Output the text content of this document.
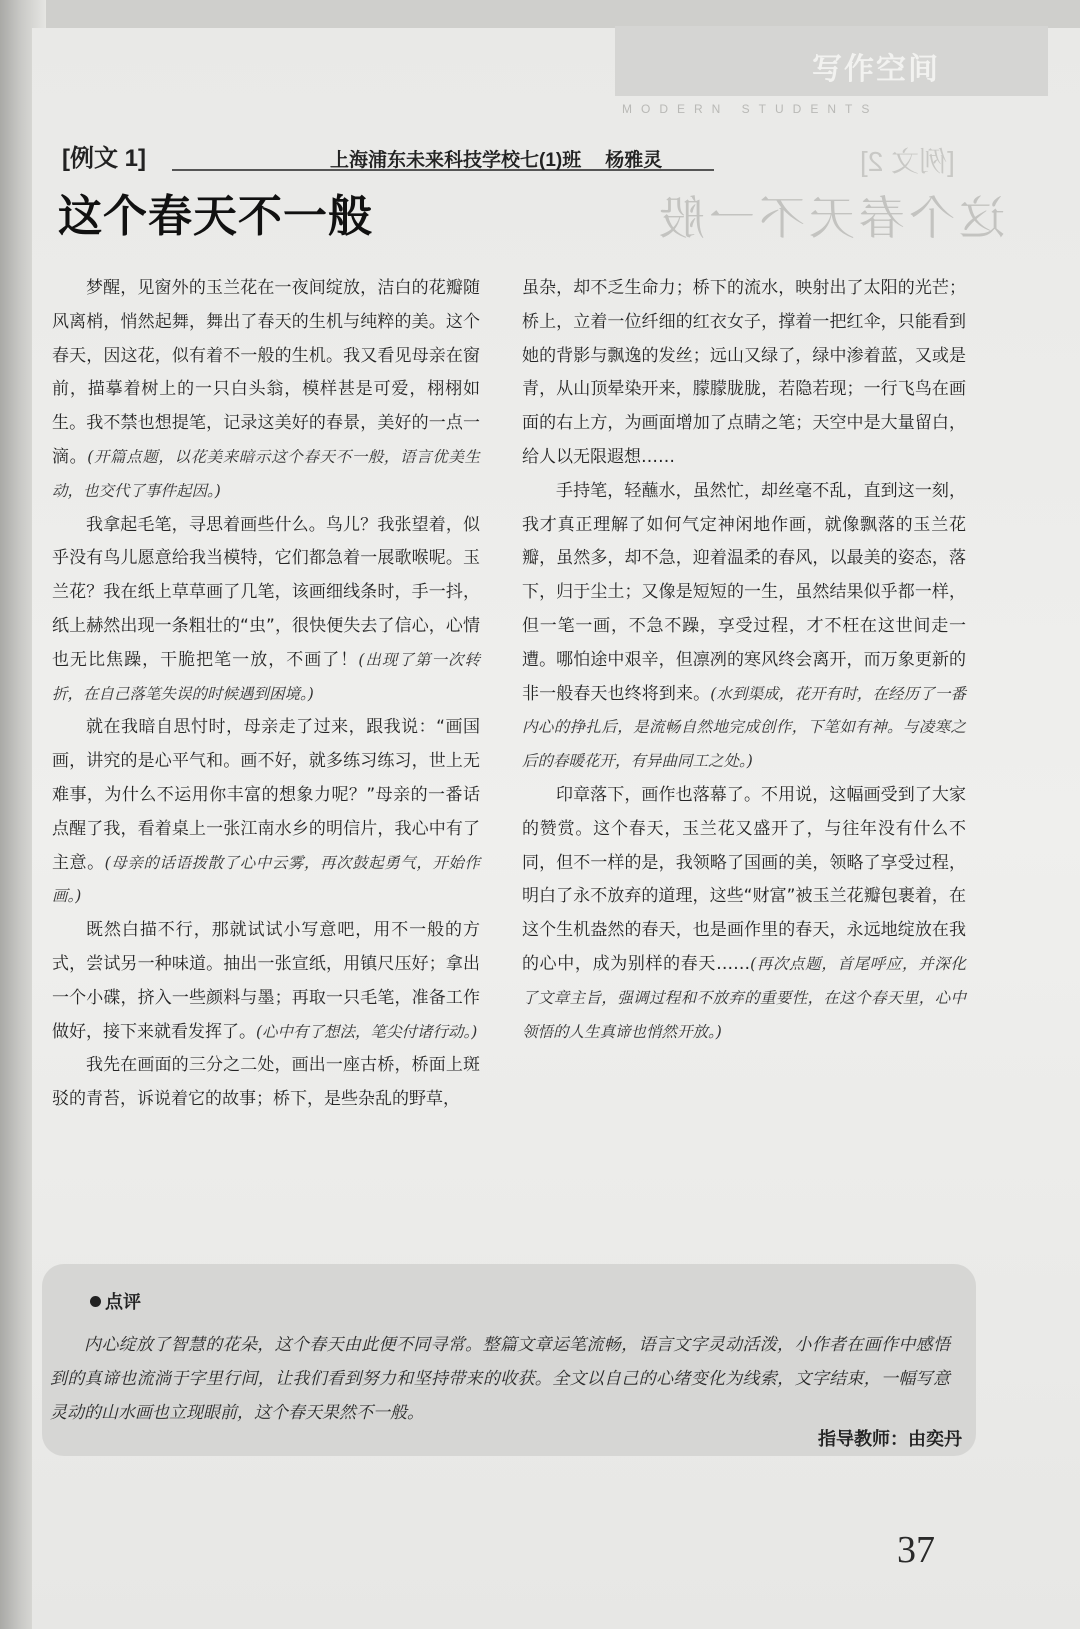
写作空间
MODERN STUDENTS
[例文 2]
这个春天不一般
[例文 1]	上海浦东未来科技学校七(1)班 杨雅灵
这个春天不一般

梦醒，见窗外的玉兰花在一夜间绽放，洁白的花瓣随风离梢，悄然起舞，舞出了春天的生机与纯粹的美。这个春天，因这花，似有着不一般的生机。我又看见母亲在窗前，描摹着树上的一只白头翁，模样甚是可爱，栩栩如生。我不禁也想提笔，记录这美好的春景，美好的一点一滴。(开篇点题，以花美来暗示这个春天不一般，语言优美生动，也交代了事件起因。)

我拿起毛笔，寻思着画些什么。鸟儿？我张望着，似乎没有鸟儿愿意给我当模特，它们都急着一展歌喉呢。玉兰花？我在纸上草草画了几笔，该画细线条时，手一抖，纸上赫然出现一条粗壮的“虫”，很快便失去了信心，心情也无比焦躁，干脆把笔一放，不画了！(出现了第一次转折，在自己落笔失误的时候遇到困境。)

就在我暗自思忖时，母亲走了过来，跟我说：“画国画，讲究的是心平气和。画不好，就多练习练习，世上无难事，为什么不运用你丰富的想象力呢？”母亲的一番话点醒了我，看着桌上一张江南水乡的明信片，我心中有了主意。(母亲的话语拨散了心中云雾，再次鼓起勇气，开始作画。)

既然白描不行，那就试试小写意吧，用不一般的方式，尝试另一种味道。抽出一张宣纸，用镇尺压好；拿出一个小碟，挤入一些颜料与墨；再取一只毛笔，准备工作做好，接下来就看发挥了。(心中有了想法，笔尖付诸行动。)

我先在画面的三分之二处，画出一座古桥，桥面上斑驳的青苔，诉说着它的故事；桥下，是些杂乱的野草，

虽杂，却不乏生命力；桥下的流水，映射出了太阳的光芒；桥上，立着一位纤细的红衣女子，撑着一把红伞，只能看到她的背影与飘逸的发丝；远山又绿了，绿中渗着蓝，又或是青，从山顶晕染开来，朦朦胧胧，若隐若现；一行飞鸟在画面的右上方，为画面增加了点睛之笔；天空中是大量留白，给人以无限遐想……

手持笔，轻蘸水，虽然忙，却丝毫不乱，直到这一刻，我才真正理解了如何气定神闲地作画，就像飘落的玉兰花瓣，虽然多，却不急，迎着温柔的春风，以最美的姿态，落下，归于尘土；又像是短短的一生，虽然结果似乎都一样，但一笔一画，不急不躁，享受过程，才不枉在这世间走一遭。哪怕途中艰辛，但凛冽的寒风终会离开，而万象更新的非一般春天也终将到来。(水到渠成，花开有时，在经历了一番内心的挣扎后，是流畅自然地完成创作，下笔如有神。与凌寒之后的春暖花开，有异曲同工之处。)

印章落下，画作也落幕了。不用说，这幅画受到了大家的赞赏。这个春天，玉兰花又盛开了，与往年没有什么不同，但不一样的是，我领略了国画的美，领略了享受过程，明白了永不放弃的道理，这些“财富”被玉兰花瓣包裹着，在这个生机盎然的春天，也是画作里的春天，永远地绽放在我的心中，成为别样的春天……(再次点题，首尾呼应，并深化了文章主旨，强调过程和不放弃的重要性，在这个春天里，心中领悟的人生真谛也悄然开放。)

点评

内心绽放了智慧的花朵，这个春天由此便不同寻常。整篇文章运笔流畅，语言文字灵动活泼，小作者在画作中感悟到的真谛也流淌于字里行间，让我们看到努力和坚持带来的收获。全文以自己的心绪变化为线索，文字结束，一幅写意灵动的山水画也立现眼前，这个春天果然不一般。

指导教师：由奕丹
37
